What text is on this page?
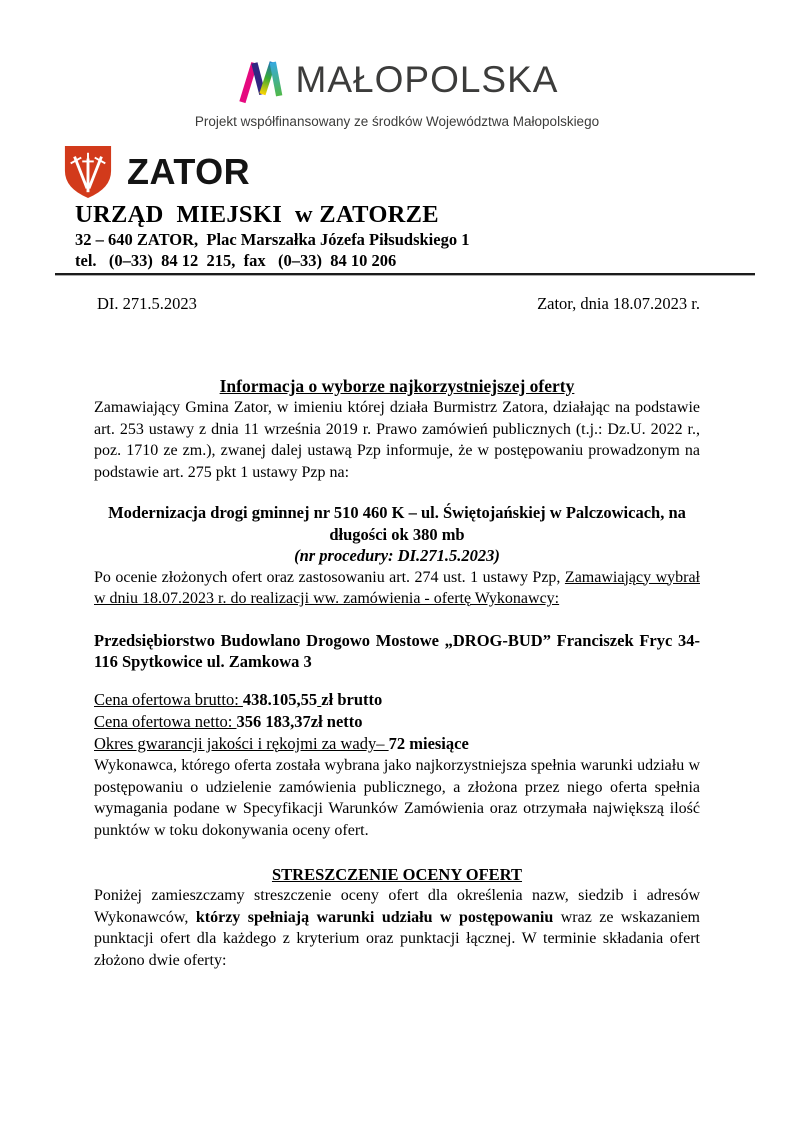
MAŁOPOLSKA
Projekt współfinansowany ze środków Województwa Małopolskiego
ZATOR
URZĄD  MIEJSKI  w ZATORZE
32 – 640 ZATOR,  Plac Marszałka Józefa Piłsudskiego 1
tel.   (0–33)  84 12  215,  fax   (0–33)  84 10 206
DI. 271.5.2023	Zator, dnia 18.07.2023 r.
Informacja o wyborze najkorzystniejszej oferty

Zamawiający Gmina Zator, w imieniu której działa Burmistrz Zatora, działając na podstawie art. 253 ustawy z dnia 11 września 2019 r. Prawo zamówień publicznych (t.j.: Dz.U. 2022 r., poz. 1710 ze zm.), zwanej dalej ustawą Pzp informuje, że w postępowaniu prowadzonym na podstawie art. 275 pkt 1 ustawy Pzp na:

Modernizacja drogi gminnej nr 510 460 K – ul. Świętojańskiej w Palczowicach, na długości ok 380 mb
(nr procedury: DI.271.5.2023)

Po ocenie złożonych ofert oraz zastosowaniu art. 274 ust. 1 ustawy Pzp, Zamawiający wybrał w dniu 18.07.2023 r. do realizacji ww. zamówienia - ofertę Wykonawcy:

Przedsiębiorstwo Budowlano Drogowo Mostowe „DROG-BUD” Franciszek Fryc 34-116 Spytkowice ul. Zamkowa 3

Cena ofertowa brutto: 438.105,55 zł brutto

Cena ofertowa netto: 356 183,37zł netto

Okres gwarancji jakości i rękojmi za wady– 72 miesiące

Wykonawca, którego oferta została wybrana jako najkorzystniejsza spełnia warunki udziału w postępowaniu o udzielenie zamówienia publicznego, a złożona przez niego oferta spełnia wymagania podane w Specyfikacji Warunków Zamówienia oraz otrzymała największą ilość punktów w toku dokonywania oceny ofert.

STRESZCZENIE OCENY OFERT

Poniżej zamieszczamy streszczenie oceny ofert dla określenia nazw, siedzib i adresów Wykonawców, którzy spełniają warunki udziału w postępowaniu wraz ze wskazaniem punktacji ofert dla każdego z kryterium oraz punktacji łącznej. W terminie składania ofert złożono dwie oferty:
